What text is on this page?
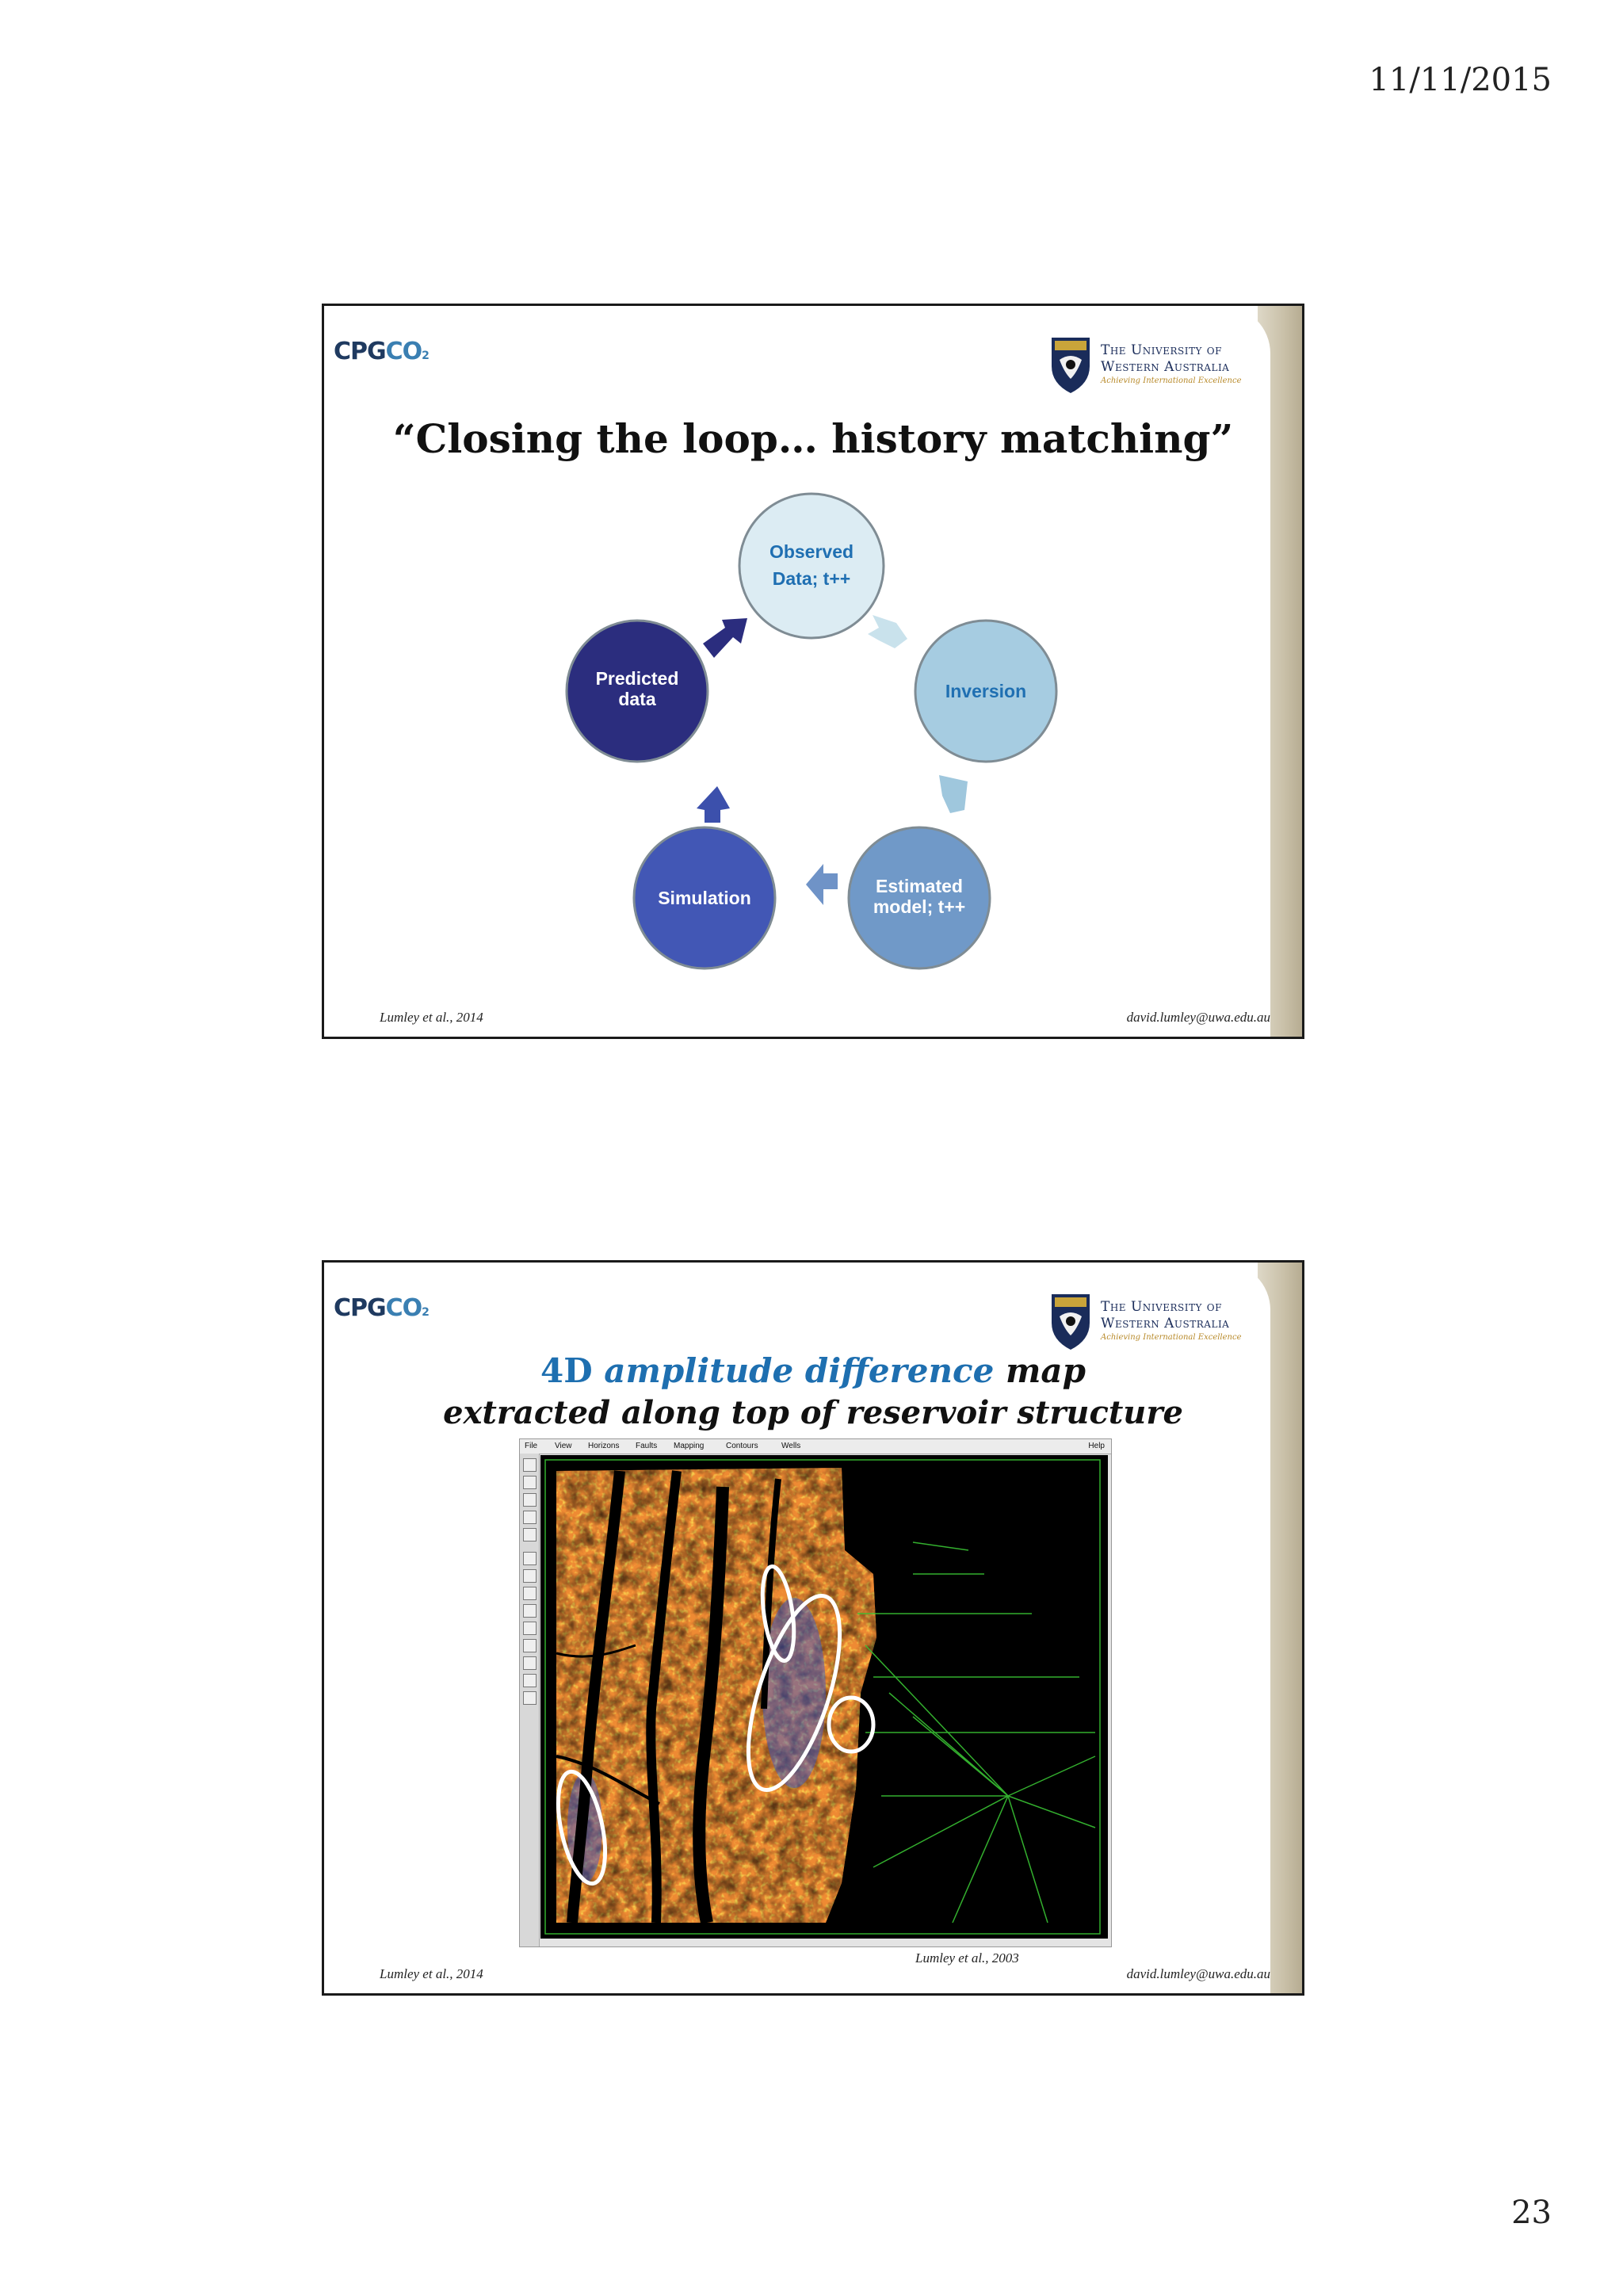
11/11/2015
CPGCO2	The University of
Western Australia
Achieving International Excellence
“Closing the loop… history matching”
Observed
Data; t++
Inversion
Estimated
model; t++
Simulation
Predicted
data
Lumley et al., 2014	david.lumley@uwa.edu.au
CPGCO2	The University of
Western Australia
Achieving International Excellence
4D amplitude difference map
extracted along top of reservoir structure
File View Horizons Faults Mapping	Contours	Wells	Help
Lumley et al., 2003
Lumley et al., 2014	david.lumley@uwa.edu.au
23
